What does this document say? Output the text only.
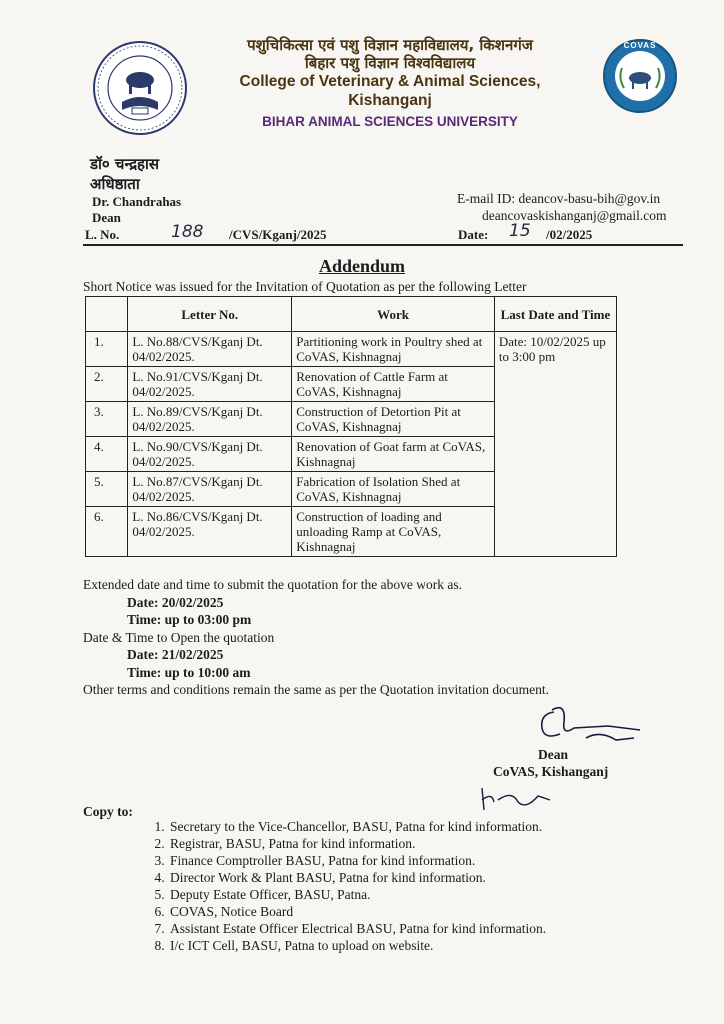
COVAS
पशुचिकित्सा एवं पशु विज्ञान महाविद्यालय, किशनगंज
बिहार पशु विज्ञान विश्वविद्यालय
College of Veterinary & Animal Sciences,
Kishanganj
BIHAR ANIMAL SCIENCES UNIVERSITY
डॉ० चन्द्रहास
अधिष्ठाता
Dr. Chandrahas
Dean
E-mail ID: deancov-basu-bih@gov.in
deancovaskishanganj@gmail.com
L. No.	188 /CVS/Kganj/2025	Date: 15 /02/2025
Addendum
Short Notice was issued for the Invitation of Quotation as per the following Letter
	Letter No.	Work	Last Date and Time
1.	L. No.88/CVS/Kganj Dt. 04/02/2025.	Partitioning work in Poultry shed at CoVAS, Kishnagnaj	Date: 10/02/2025 up to 3:00 pm
2.	L. No.91/CVS/Kganj Dt. 04/02/2025.	Renovation of Cattle Farm at CoVAS, Kishnagnaj	
3.	L. No.89/CVS/Kganj Dt. 04/02/2025.	Construction of Detortion Pit at CoVAS, Kishnagnaj	
4.	L. No.90/CVS/Kganj Dt. 04/02/2025.	Renovation of Goat farm at CoVAS, Kishnagnaj	
5.	L. No.87/CVS/Kganj Dt. 04/02/2025.	Fabrication of Isolation Shed at CoVAS, Kishnagnaj	
6.	L. No.86/CVS/Kganj Dt. 04/02/2025.	Construction of loading and unloading Ramp at CoVAS, Kishnagnaj	
Extended date and time to submit the quotation for the above work as.
Date: 20/02/2025
Time: up to 03:00 pm
Date & Time to Open the quotation
Date: 21/02/2025
Time: up to 10:00 am
Other terms and conditions remain the same as per the Quotation invitation document.
Dean
CoVAS, Kishanganj
Copy to:
1. Secretary to the Vice-Chancellor, BASU, Patna for kind information.
2. Registrar, BASU, Patna for kind information.
3. Finance Comptroller BASU, Patna for kind information.
4. Director Work & Plant BASU, Patna for kind information.
5. Deputy Estate Officer, BASU, Patna.
6. COVAS, Notice Board
7. Assistant Estate Officer Electrical BASU, Patna for kind information.
8. I/c ICT Cell, BASU, Patna to upload on website.
